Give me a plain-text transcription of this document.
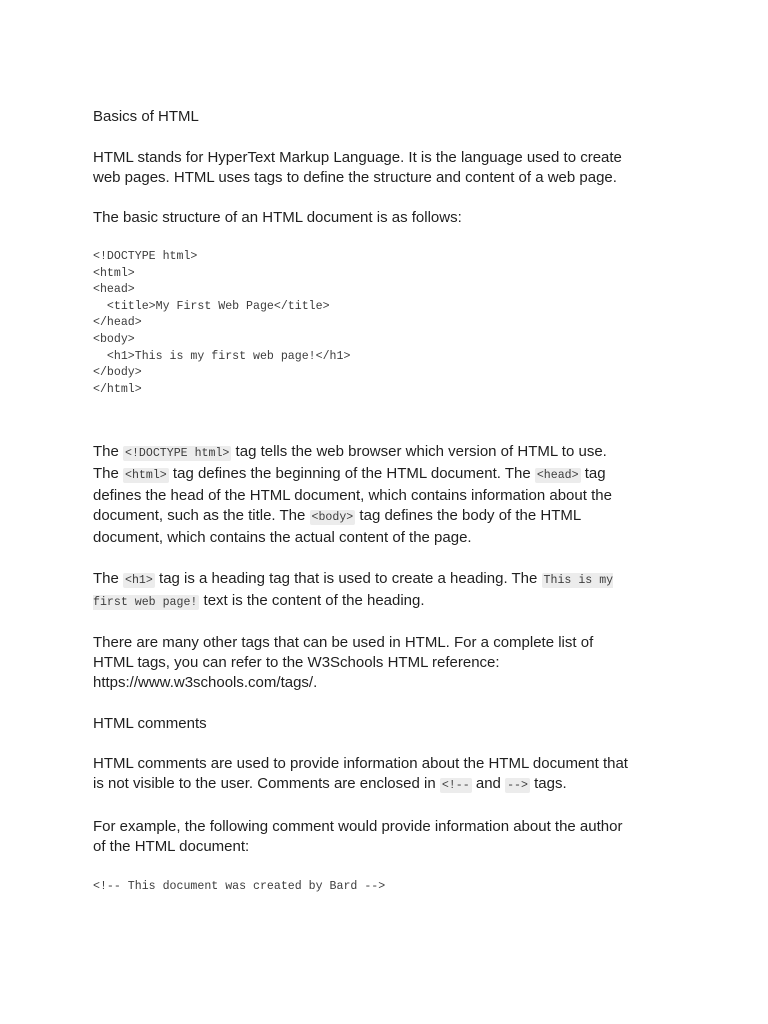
Basics of HTML

HTML stands for HyperText Markup Language. It is the language used to create web pages. HTML uses tags to define the structure and content of a web page.

The basic structure of an HTML document is as follows:

<!DOCTYPE html>
<html>
<head>
<title>My First Web Page</title>
</head>
<body>
<h1>This is my first web page!</h1>
</body>
</html>

The <!DOCTYPE html> tag tells the web browser which version of HTML to use. The <html> tag defines the beginning of the HTML document. The <head> tag defines the head of the HTML document, which contains information about the document, such as the title. The <body> tag defines the body of the HTML document, which contains the actual content of the page.

The <h1> tag is a heading tag that is used to create a heading. The This is my first web page! text is the content of the heading.

There are many other tags that can be used in HTML. For a complete list of HTML tags, you can refer to the W3Schools HTML reference: https://www.w3schools.com/tags/.

HTML comments

HTML comments are used to provide information about the HTML document that is not visible to the user. Comments are enclosed in <!-- and --> tags.

For example, the following comment would provide information about the author of the HTML document:

<!-- This document was created by Bard -->
